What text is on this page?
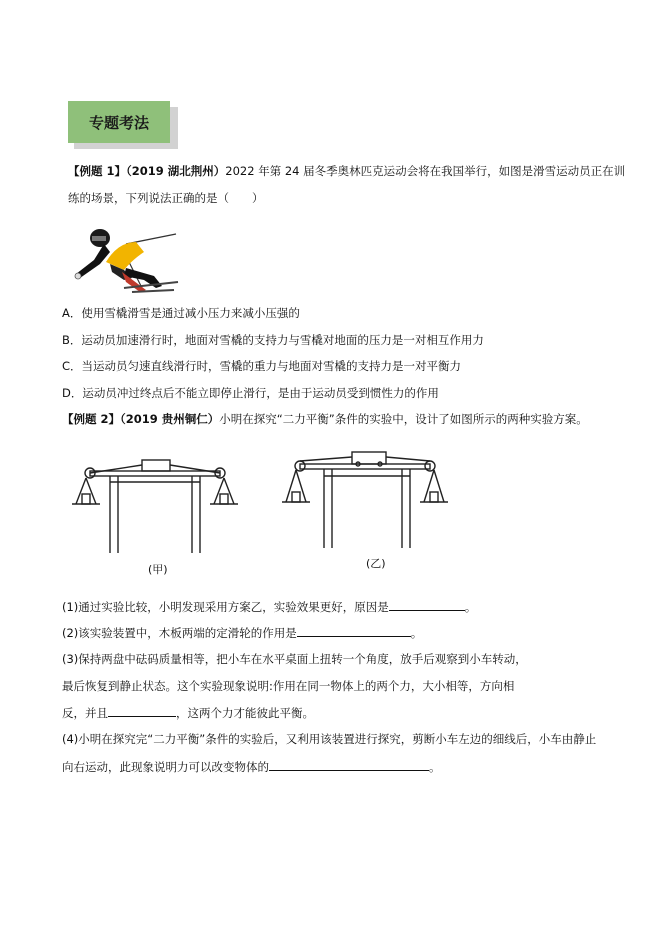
专题考法
【例题 1】（2019 湖北荆州）2022 年第 24 届冬季奥林匹克运动会将在我国举行，如图是滑雪运动员正在训
练的场景，下列说法正确的是（　　）
A．使用雪橇滑雪是通过减小压力来减小压强的
B．运动员加速滑行时，地面对雪橇的支持力与雪橇对地面的压力是一对相互作用力
C．当运动员匀速直线滑行时，雪橇的重力与地面对雪橇的支持力是一对平衡力
D．运动员冲过终点后不能立即停止滑行，是由于运动员受到惯性力的作用
【例题 2】（2019 贵州铜仁）小明在探究“二力平衡”条件的实验中，设计了如图所示的两种实验方案。
(甲)	(乙)
(1)通过实验比较，小明发现采用方案乙，实验效果更好，原因是	。
(2)该实验装置中，木板两端的定滑轮的作用是	。
(3)保持两盘中砝码质量相等，把小车在水平桌面上扭转一个角度，放手后观察到小车转动，
最后恢复到静止状态。这个实验现象说明:作用在同一物体上的两个力，大小相等，方向相
反，并且	，这两个力才能彼此平衡。
(4)小明在探究完“二力平衡”条件的实验后，又利用该装置进行探究，剪断小车左边的细线后，小车由静止
向右运动，此现象说明力可以改变物体的	。
